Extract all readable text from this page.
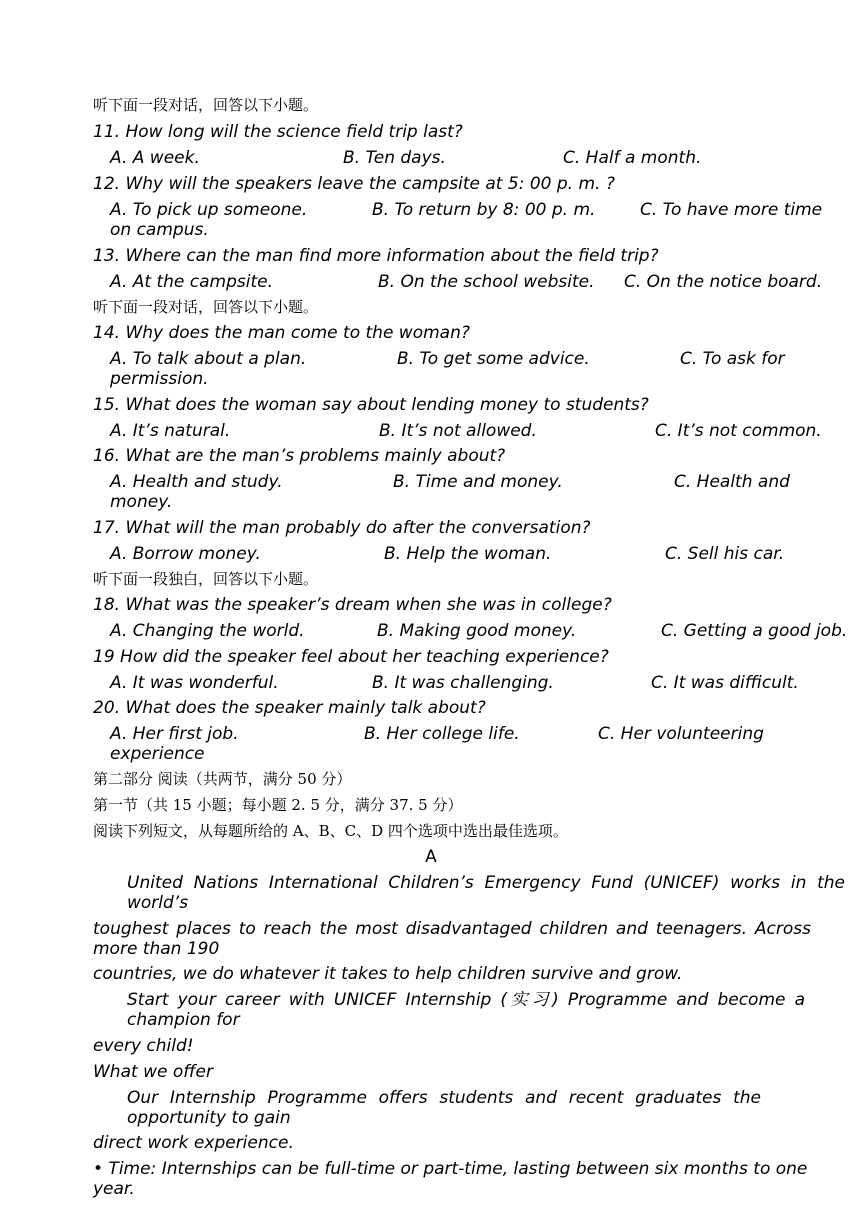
听下面一段对话，回答以下小题。
11. How long will the science field trip last?
A. A week.	B. Ten days.	C. Half a month.
12. Why will the speakers leave the campsite at 5: 00 p. m. ?
A. To pick up someone.	B. To return by 8: 00 p. m.	C. To have more time
on campus.
13. Where can the man find more information about the field trip?
A. At the campsite.	B. On the school website. C. On the notice board.
听下面一段对话，回答以下小题。
14. Why does the man come to the woman?
A. To talk about a plan.	B. To get some advice.	C. To ask for
permission.
15. What does the woman say about lending money to students?
A. It’s natural.	B. It’s not allowed.	C. It’s not common.
16. What are the man’s problems mainly about?
A. Health and study.	B. Time and money.	C. Health and
money.
17. What will the man probably do after the conversation?
A. Borrow money.	B. Help the woman.	C. Sell his car.
听下面一段独白，回答以下小题。
18. What was the speaker’s dream when she was in college?
A. Changing the world.	B. Making good money.	C. Getting a good job.
19 How did the speaker feel about her teaching experience?
A. It was wonderful.	B. It was challenging.	C. It was difficult.
20. What does the speaker mainly talk about?
A. Her first job.	B. Her college life.	C. Her volunteering
experience
第二部分 阅读（共两节，满分 50 分）
第一节（共 15 小题；每小题 2. 5 分，满分 37. 5 分）
阅读下列短文，从每题所给的 A、B、C、D 四个选项中选出最佳选项。
A
United Nations International Children’s Emergency Fund (UNICEF) works in the
world’s
toughest places to reach the most disadvantaged children and teenagers. Across
more than 190
countries, we do whatever it takes to help children survive and grow.
Start your career with UNICEF Internship (实习) Programme and become a
champion for
every child!
What we offer
Our Internship Programme offers students and recent graduates the
opportunity to gain
direct work experience.
• Time: Internships can be full-time or part-time, lasting between six months to one
year.
